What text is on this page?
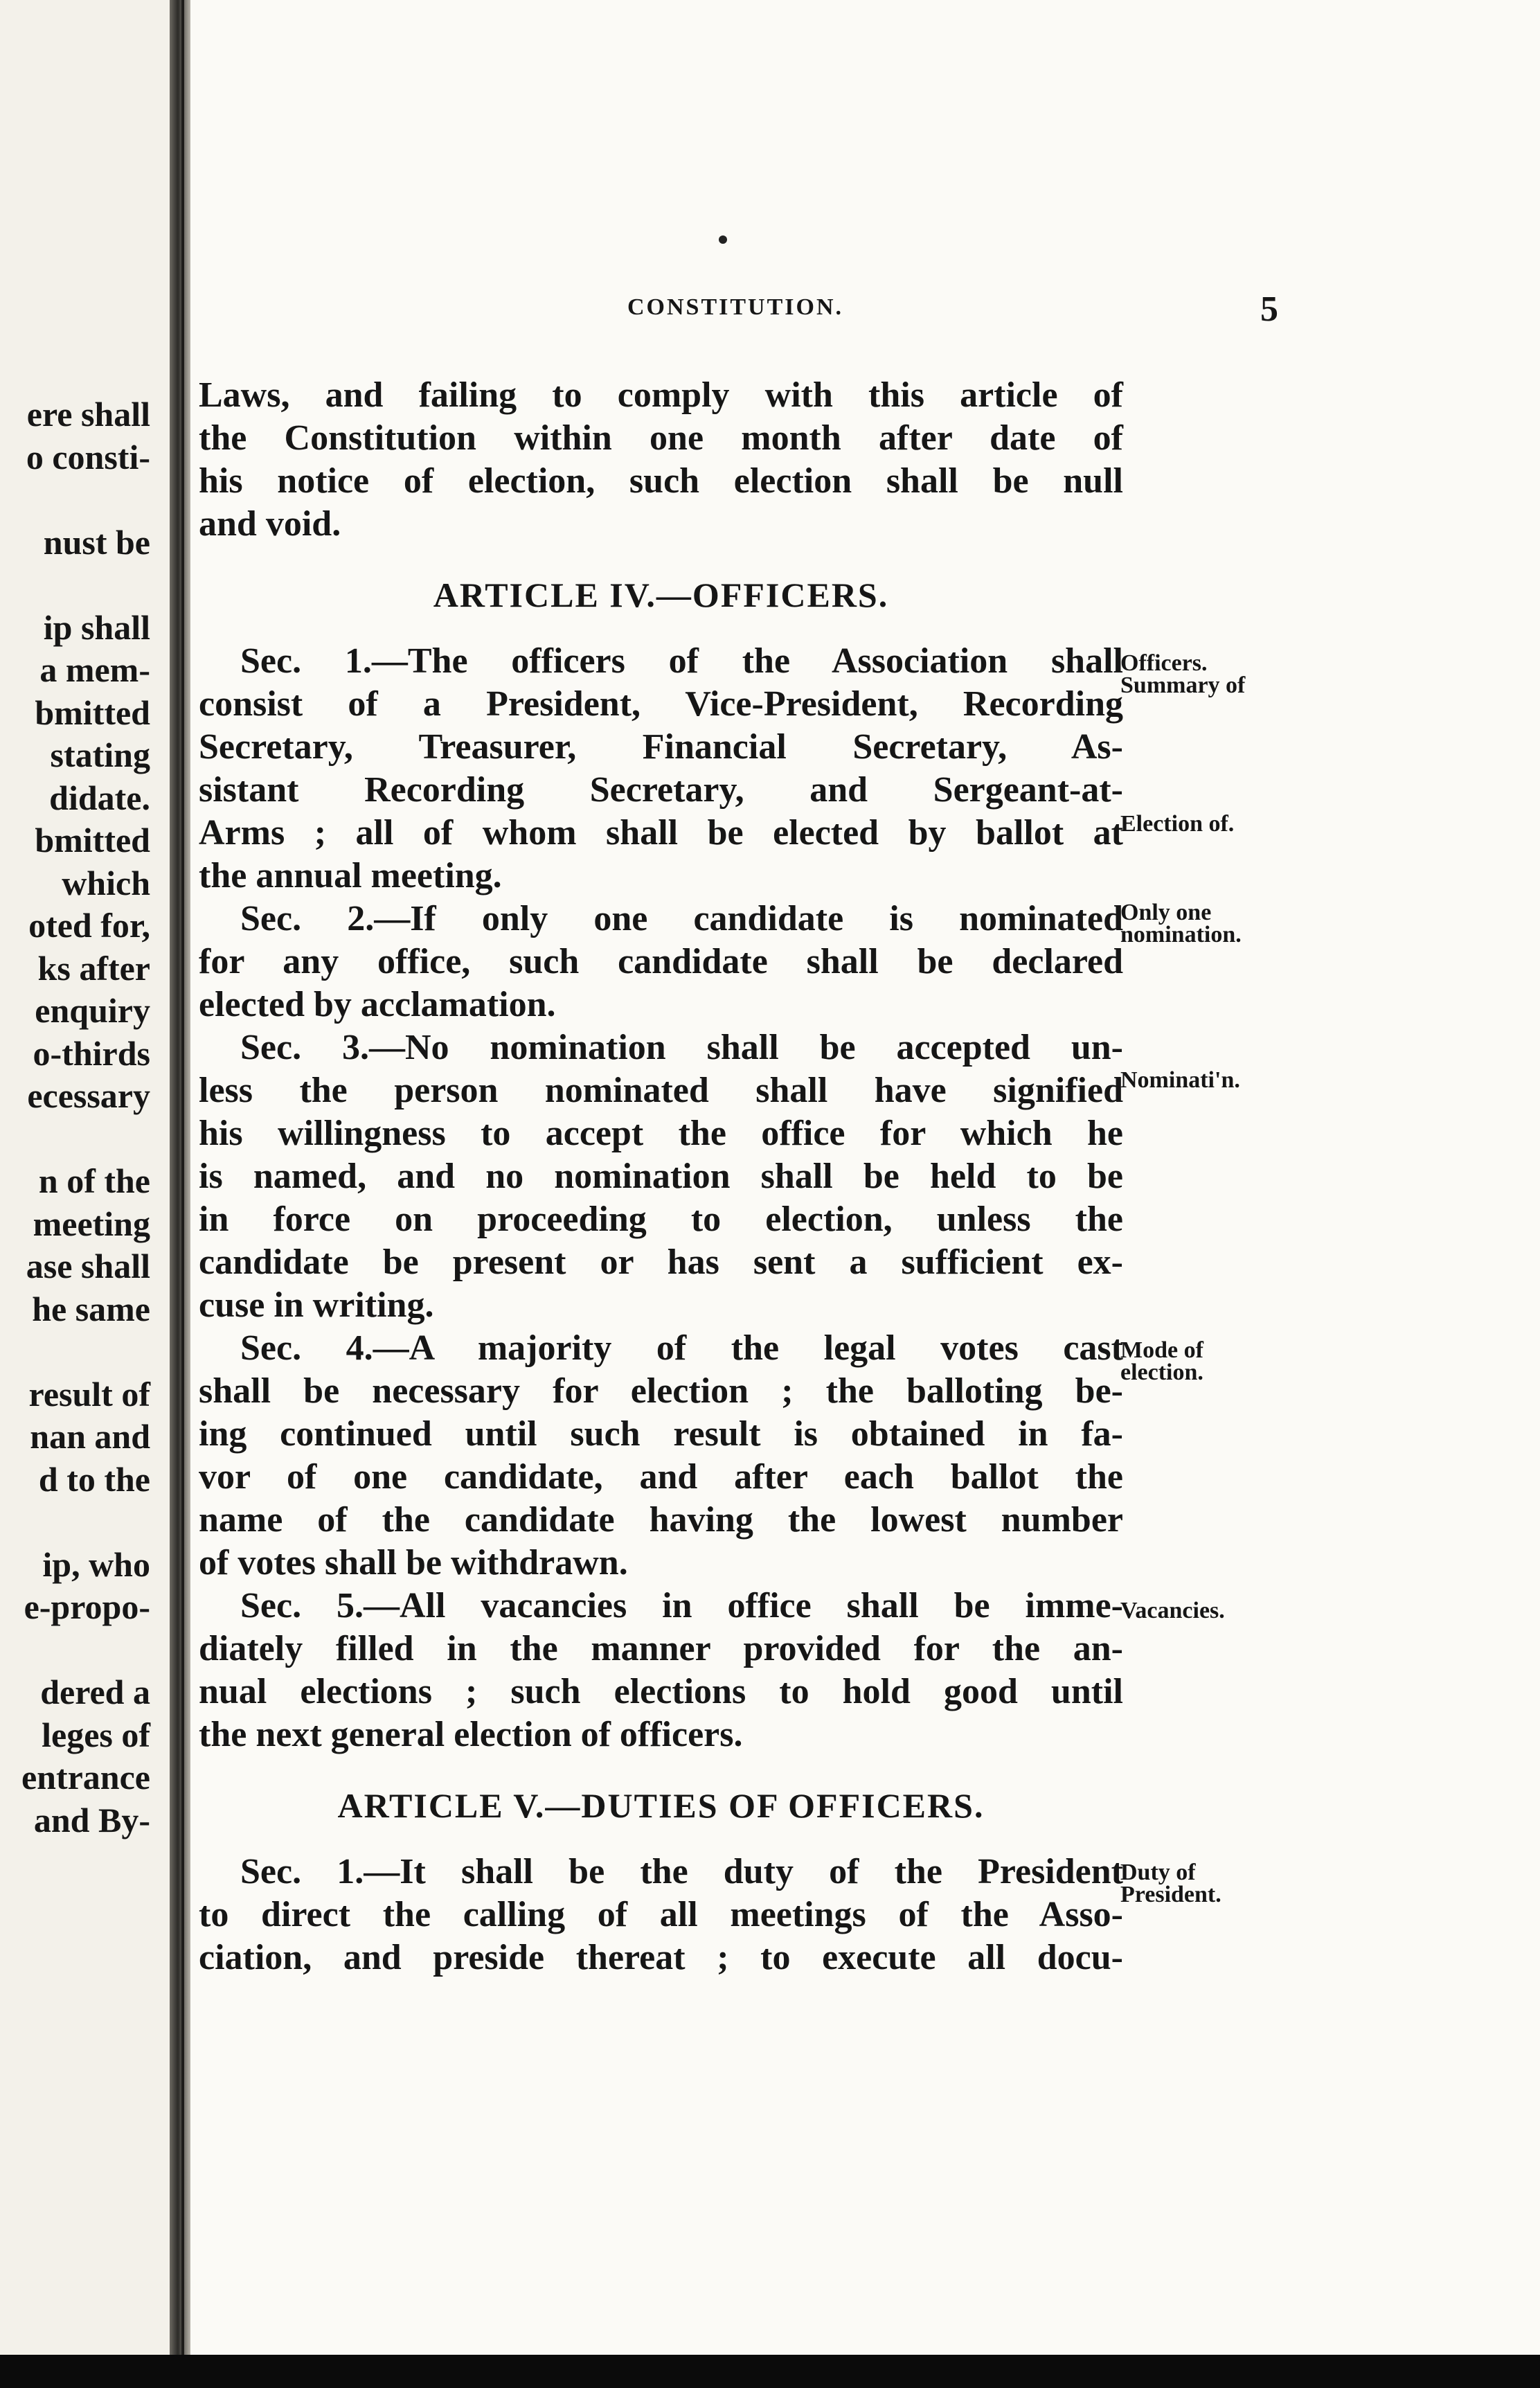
ere shall
o consti-
nust be
ip shall
a mem-
bmitted
stating
didate.
bmitted
which
oted for,
ks after
enquiry
o-thirds
ecessary
n of the
meeting
ase shall
he same
result of
nan and
d to the
ip, who
e-propo-
dered a
leges of
entrance
and By-
CONSTITUTION.	5
Laws, and failing to comply with this article of
the Constitution within one month after date of
his notice of election, such election shall be null
and void.
ARTICLE IV.—OFFICERS.
Sec. 1.—The officers of the Association shall
consist of a President, Vice-President, Recording
Secretary, Treasurer, Financial Secretary, As-
sistant Recording Secretary, and Sergeant-at-
Arms ; all of whom shall be elected by ballot at
the annual meeting.
Sec. 2.—If only one candidate is nominated
for any office, such candidate shall be declared
elected by acclamation.
Sec. 3.—No nomination shall be accepted un-
less the person nominated shall have signified
his willingness to accept the office for which he
is named, and no nomination shall be held to be
in force on proceeding to election, unless the
candidate be present or has sent a sufficient ex-
cuse in writing.
Sec. 4.—A majority of the legal votes cast
shall be necessary for election ; the balloting be-
ing continued until such result is obtained in fa-
vor of one candidate, and after each ballot the
name of the candidate having the lowest number
of votes shall be withdrawn.
Sec. 5.—All vacancies in office shall be imme-
diately filled in the manner provided for the an-
nual elections ; such elections to hold good until
the next general election of officers.
ARTICLE V.—DUTIES OF OFFICERS.
Sec. 1.—It shall be the duty of the President
to direct the calling of all meetings of the Asso-
ciation, and preside thereat ; to execute all docu-
Officers.
Summary of
Election of.
Only one
nomination.
Nominati'n.
Mode of
election.
Vacancies.
Duty of
President.
